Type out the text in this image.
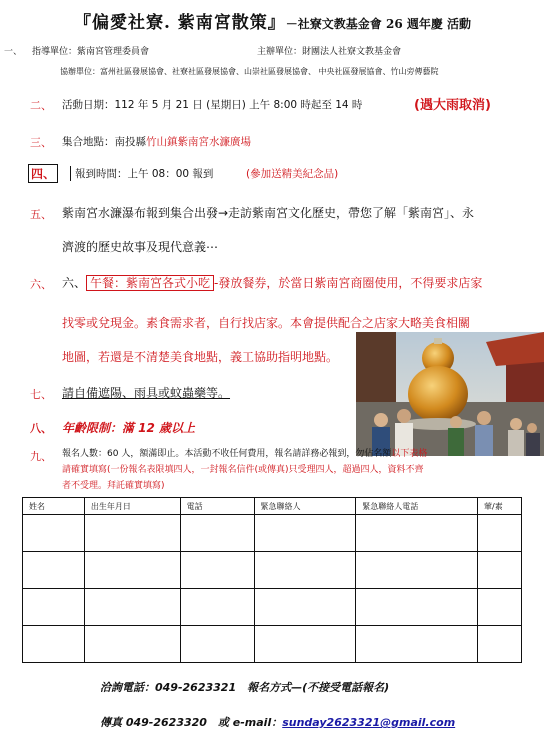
『偏愛社寮. 紫南宮散策』－社寮文教基金會 26 週年慶 活動
一、 指導單位：紫南宮管理委員會	主辦單位：財團法人社寮文教基金會
協辦單位：富州社區發展協會、社寮社區發展協會、山崇社區發展協會、 中央社區發展協會、竹山旁傳藝院
二、 活動日期：112 年 5 月 21 日 (星期日) 上午 8:00 時起至 14 時	(遇大雨取消)
三、 集合地點：南投縣竹山鎮紫南宮水濂廣場
四、	報到時間：上午 08：00 報到	(參加送精美紀念品)
五、 紫南宮水濂瀑布報到集合出發→走訪紫南宮文化歷史，帶您了解「紫南宮」、永
濟渡的歷史故事及現代意義⋯
六、 六、 午餐：紫南宮各式小吃 -發放餐券，於當日紫南宮商圈使用，不得要求店家
找零或兌現金。素食需求者，自行找店家。本會提供配合之店家大略美食相關
地圖，若還是不清楚美食地點，義工協助指明地點。
七、 請自備遮陽、雨具或蚊蟲藥等。
八、 年齡限制：滿 12 歲以上
九、 報名人數：60 人，額滿即止。本活動不收任何費用，報名請詳務必報到，勿佔名額以下表格
請確實填寫(一份報名表限填四人，一封報名信件(或傳真)只受理四人，超過四人，資料不齊
者不受理。拜託確實填寫)
姓名	出生年月日	電話	緊急聯絡人	緊急聯絡人電話	葷/素

洽詢電話：049-2623321　報名方式—(不接受電話報名)
傳真 049-2623320　或 e-mail：sunday2623321@gmail.com
